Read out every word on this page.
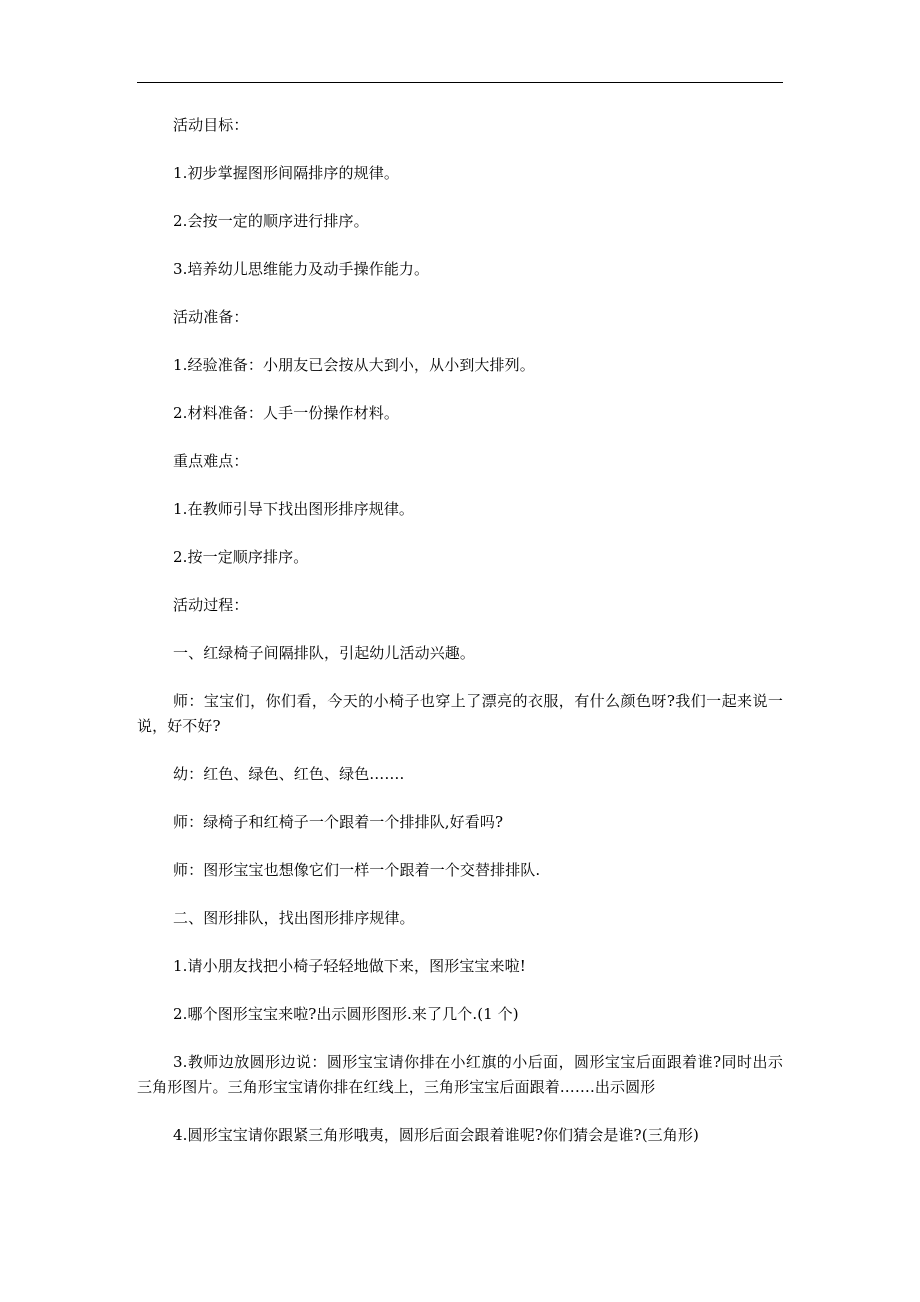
活动目标：

1.初步掌握图形间隔排序的规律。

2.会按一定的顺序进行排序。

3.培养幼儿思维能力及动手操作能力。

活动准备：

1.经验准备：小朋友已会按从大到小，从小到大排列。

2.材料准备：人手一份操作材料。

重点难点：

1.在教师引导下找出图形排序规律。

2.按一定顺序排序。

活动过程：

一、红绿椅子间隔排队，引起幼儿活动兴趣。

师：宝宝们，你们看，今天的小椅子也穿上了漂亮的衣服，有什么颜色呀?我们一起来说一说，好不好?

幼：红色、绿色、红色、绿色…….

师：绿椅子和红椅子一个跟着一个排排队,好看吗?

师：图形宝宝也想像它们一样一个跟着一个交替排排队.

二、图形排队，找出图形排序规律。

1.请小朋友找把小椅子轻轻地做下来，图形宝宝来啦!

2.哪个图形宝宝来啦?出示圆形图形.来了几个.(1 个)

3.教师边放圆形边说：圆形宝宝请你排在小红旗的小后面，圆形宝宝后面跟着谁?同时出示三角形图片。三角形宝宝请你排在红线上，三角形宝宝后面跟着…….出示圆形

4.圆形宝宝请你跟紧三角形哦夷，圆形后面会跟着谁呢?你们猜会是谁?(三角形)
